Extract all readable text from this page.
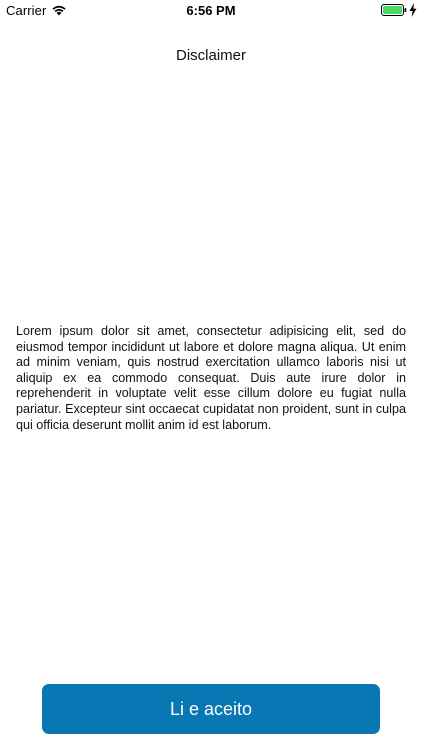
Carrier	6:56 PM
Disclaimer
Lorem ipsum dolor sit amet, consectetur adipisicing elit, sed do eiusmod tempor incididunt ut labore et dolore magna aliqua. Ut enim ad minim veniam, quis nostrud exercitation ullamco laboris nisi ut aliquip ex ea commodo consequat. Duis aute irure dolor in reprehenderit in voluptate velit esse cillum dolore eu fugiat nulla pariatur. Excepteur sint occaecat cupidatat non proident, sunt in culpa qui officia deserunt mollit anim id est laborum.
Li e aceito
